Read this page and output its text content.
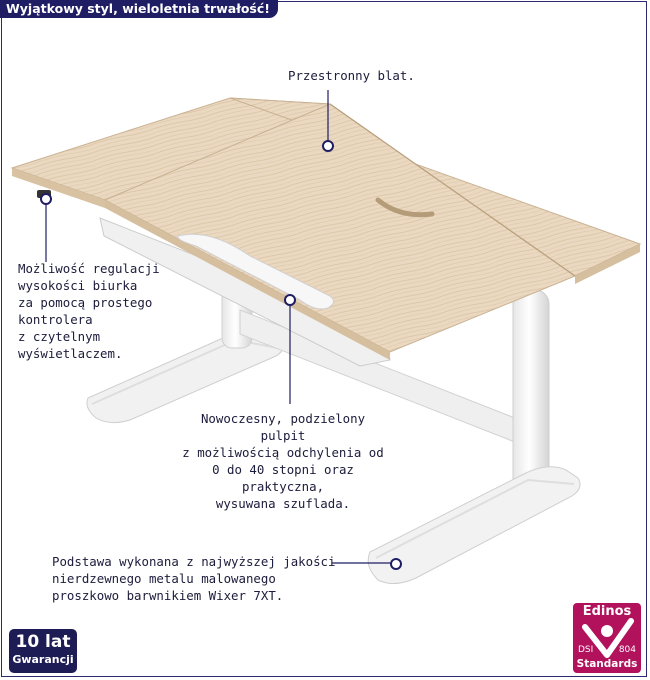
Wyjątkowy styl, wieloletnia trwałość!
Przestronny blat.
Możliwość regulacji
wysokości biurka
za pomocą prostego
kontrolera
z czytelnym
wyświetlaczem.
Nowoczesny, podzielony pulpit
z możliwością odchylenia od
0 do 40 stopni oraz praktyczna,
wysuwana szuflada.
Podstawa wykonana z najwyższej jakości
nierdzewnego metalu malowanego
proszkowo barwnikiem Wixer 7XT.
10 lat
Gwarancji
Edinos
DSI	804
Standards
